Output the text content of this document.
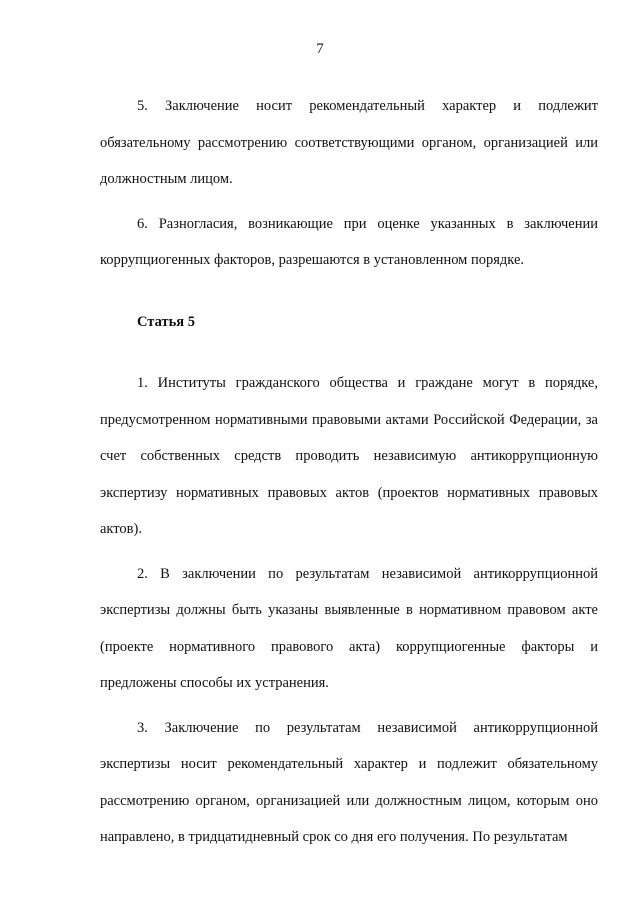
7

5. Заключение носит рекомендательный характер и подлежит обязательному рассмотрению соответствующими органом, организацией или должностным лицом.

6. Разногласия, возникающие при оценке указанных в заключении коррупциогенных факторов, разрешаются в установленном порядке.

Статья 5

1. Институты гражданского общества и граждане могут в порядке, предусмотренном нормативными правовыми актами Российской Федерации, за счет собственных средств проводить независимую антикоррупционную экспертизу нормативных правовых актов (проектов нормативных правовых актов).

2. В заключении по результатам независимой антикоррупционной экспертизы должны быть указаны выявленные в нормативном правовом акте (проекте нормативного правового акта) коррупциогенные факторы и предложены способы их устранения.

3. Заключение по результатам независимой антикоррупционной экспертизы носит рекомендательный характер и подлежит обязательному рассмотрению органом, организацией или должностным лицом, которым оно направлено, в тридцатидневный срок со дня его получения. По результатам
